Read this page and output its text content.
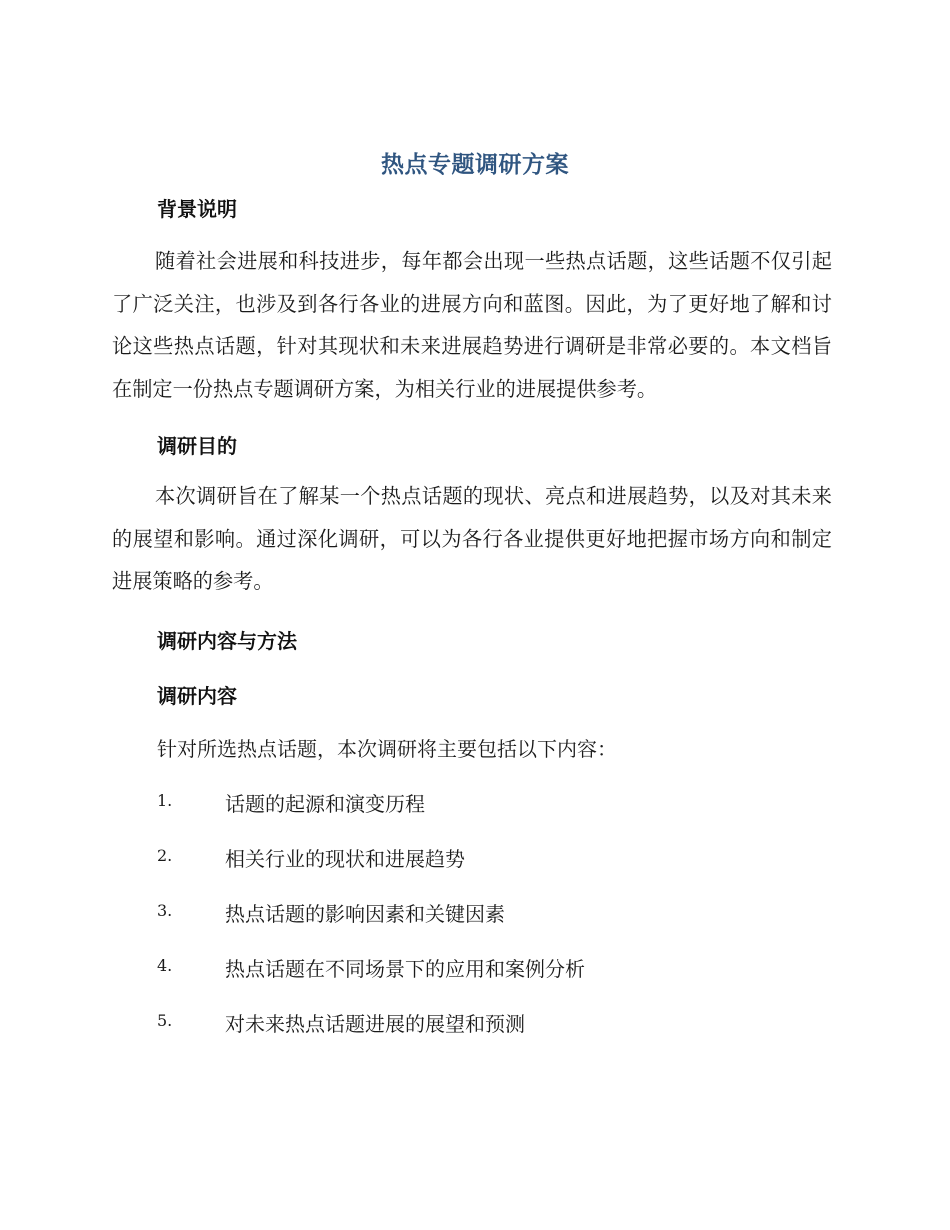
热点专题调研方案
背景说明

随着社会进展和科技进步，每年都会出现一些热点话题，这些话题不仅引起了广泛关注，也涉及到各行各业的进展方向和蓝图。因此，为了更好地了解和讨论这些热点话题，针对其现状和未来进展趋势进行调研是非常必要的。本文档旨在制定一份热点专题调研方案，为相关行业的进展提供参考。

调研目的

本次调研旨在了解某一个热点话题的现状、亮点和进展趋势，以及对其未来的展望和影响。通过深化调研，可以为各行各业提供更好地把握市场方向和制定进展策略的参考。

调研内容与方法
调研内容
针对所选热点话题，本次调研将主要包括以下内容：
1.	话题的起源和演变历程
2.	相关行业的现状和进展趋势
3.	热点话题的影响因素和关键因素
4.	热点话题在不同场景下的应用和案例分析
5.	对未来热点话题进展的展望和预测
